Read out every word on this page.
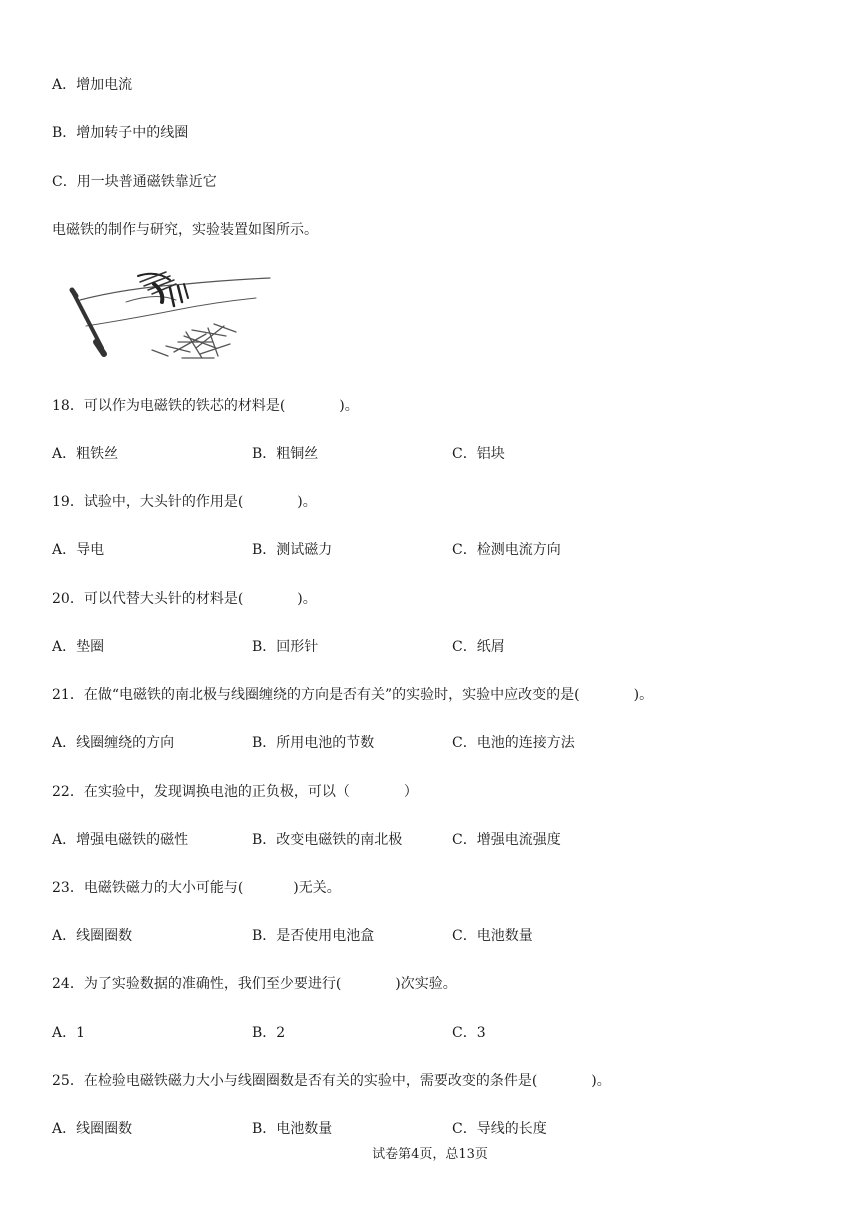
A．增加电流
B．增加转子中的线圈
C．用一块普通磁铁靠近它
电磁铁的制作与研究，实验装置如图所示。
18．可以作为电磁铁的铁芯的材料是(	)。
A．粗铁丝	B．粗铜丝	C．铝块
19．试验中，大头针的作用是(	)。
A．导电	B．测试磁力	C．检测电流方向
20．可以代替大头针的材料是(	)。
A．垫圈	B．回形针	C．纸屑
21．在做“电磁铁的南北极与线圈缠绕的方向是否有关”的实验时，实验中应改变的是(	)。
A．线圈缠绕的方向	B．所用电池的节数	C．电池的连接方法
22．在实验中，发现调换电池的正负极，可以（	）
A．增强电磁铁的磁性	B．改变电磁铁的南北极	C．增强电流强度
23．电磁铁磁力的大小可能与(	)无关。
A．线圈圈数	B．是否使用电池盒	C．电池数量
24．为了实验数据的准确性，我们至少要进行(	)次实验。
A．1	B．2	C．3
25．在检验电磁铁磁力大小与线圈圈数是否有关的实验中，需要改变的条件是(	)。
A．线圈圈数	B．电池数量	C．导线的长度
试卷第4页，总13页
